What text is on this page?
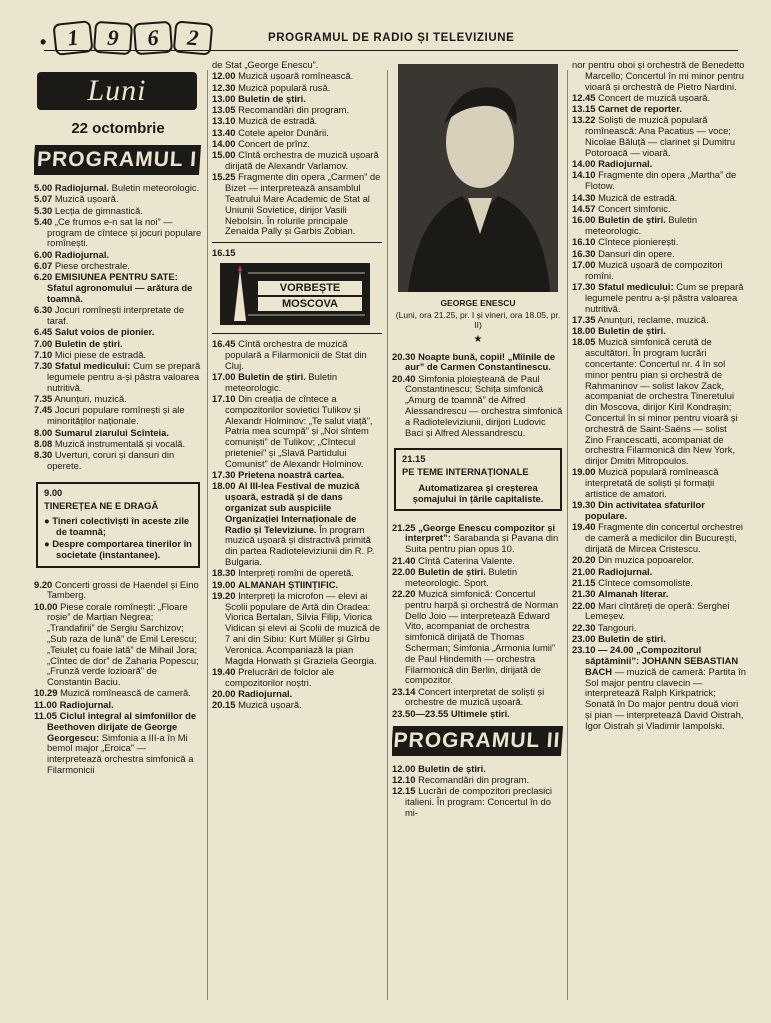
• 1	9	6	2	PROGRAMUL DE RADIO ȘI TELEVIZIUNE
Luni
22 octombrie
PROGRAMUL I
5.00 Radiojurnal. Buletin meteorologic.
5.07 Muzică ușoară.
5.30 Lecția de gimnastică.
5.40 „Ce frumos e-n sat la noi” — program de cîntece și jocuri populare romînești.
6.00 Radiojurnal.
6.07 Piese orchestrale.
6.20 EMISIUNEA PENTRU SATE: Sfatul agronomului — arătura de toamnă.
6.30 Jocuri romînești interpretate de taraf.
6.45 Salut voios de pionier.
7.00 Buletin de știri.
7.10 Mici piese de estradă.
7.30 Sfatul medicului: Cum se prepară legumele pentru a-și păstra valoarea nutritivă.
7.35 Anunțuri, muzică.
7.45 Jocuri populare romînești și ale minorităților naționale.
8.00 Sumarul ziarului Scînteia.
8.08 Muzică instrumentală și vocală.
8.30 Uverturi, coruri și dansuri din operete.
9.00
TINEREȚEA NE E DRAGĂ
● Tineri colectiviști în aceste zile de toamnă;
● Despre comportarea tinerilor în societate (instantanee).
9.20 Concerti grossi de Haendel și Eino Tamberg.
10.00 Piese corale romînești: „Floare roșie” de Marțian Negrea; „Trandafirii” de Sergiu Sarchizov; „Sub raza de lună” de Emil Lerescu; „Teiuleț cu foaie lată” de Mihail Jora; „Cîntec de dor” de Zaharia Popescu; „Frunză verde lozioară” de Constantin Baciu.
10.29 Muzică romînească de cameră.
11.00 Radiojurnal.
11.05 Ciclul integral al simfoniilor de Beethoven dirijate de George Georgescu: Simfonia a III-a în Mi bemol major „Eroica” — interpretează orchestra simfonică a Filarmonicii
de Stat „George Enescu”.
12.00 Muzică ușoară romînească.
12.30 Muzică populară rusă.
13.00 Buletin de știri.
13.05 Recomandări din program.
13.10 Muzică de estradă.
13.40 Cotele apelor Dunării.
14.00 Concert de prînz.
15.00 Cîntă orchestra de muzică ușoară dirijată de Alexandr Varlamov.
15.25 Fragmente din opera „Carmen” de Bizet — interpretează ansamblul Teatrului Mare Academic de Stat al Uniunii Sovietice, dirijor Vasili Nebolsin. În rolurile principale Zenaida Pally și Garbis Zobian.
16.15
VORBEȘTE
MOSCOVA
16.45 Cîntă orchestra de muzică populară a Filarmonicii de Stat din Cluj.
17.00 Buletin de știri. Buletin meteorologic.
17.10 Din creația de cîntece a compozitorilor sovietici Tulikov și Alexandr Holminov: „Te salut viață”, Patria mea scumpă” și „Noi sîntem comuniști” de Tulikov; „Cîntecul prieteniei” și „Slavă Partidului Comunist” de Alexandr Holminov.
17.30 Prietena noastră cartea.
18.00 Al III-lea Festival de muzică ușoară, estradă și de dans organizat sub auspiciile Organizației Internaționale de Radio și Televiziune. În program muzică ușoară și distractivă primită din partea Radioteleviziunii din R. P. Bulgaria.
18.30 Interpreți romîni de operetă.
19.00 ALMANAH ȘTIINȚIFIC.
19.20 Interpreți la microfon — elevi ai Școlii populare de Artă din Oradea: Viorica Bertalan, Silvia Filip, Viorica Vidican și elevi ai Școlii de muzică de 7 ani din Sibiu: Kurt Müller și Gîrbu Veronica. Acompaniază la pian Magda Horwath și Graziela Georgia.
19.40 Prelucrări de folclor ale compozitorilor noștri.
20.00 Radiojurnal.
20.15 Muzică ușoară.
GEORGE ENESCU
(Luni, ora 21.25, pr. I și vineri, ora 18.05, pr. II)
★
20.30 Noapte bună, copii! „Mîinile de aur” de Carmen Constantinescu.
20.40 Simfonia ploieșteană de Paul Constantinescu; Schița simfonică „Amurg de toamnă” de Alfred Alessandrescu — orchestra simfonică a Radioteleviziunii, dirijori Ludovic Baci și Alfred Alessandrescu.
21.15
PE TEME INTERNAȚIONALE
Automatizarea și creșterea șomajului în țările capitaliste.
21.25 „George Enescu compozitor și interpret”: Sarabanda și Pavana din Suita pentru pian opus 10.
21.40 Cîntă Caterina Valente.
22.00 Buletin de știri. Buletin meteorologic. Sport.
22.20 Muzică simfonică: Concertul pentru harpă și orchestră de Norman Dello Joio — interpretează Edward Vito, acompaniat de orchestra simfonică dirijată de Thomas Scherman; Simfonia „Armonia lumii” de Paul Hindemith — orchestra Filarmonică din Berlin, dirijată de compozitor.
23.14 Concert interpretat de soliști și orchestre de muzică ușoară.
23.50—23.55 Ultimele știri.
PROGRAMUL II
12.00 Buletin de știri.
12.10 Recomandări din program.
12.15 Lucrări de compozitori preclasici italieni. În program: Concertul în do mi-
nor pentru oboi și orchestră de Benedetto Marcello; Concertul în mi minor pentru vioară și orchestră de Pietro Nardini.
12.45 Concert de muzică ușoară.
13.15 Carnet de reporter.
13.22 Soliști de muzică populară romînească: Ana Pacatius — voce; Nicolae Băluță — clarinet și Dumitru Potoroacă — vioară.
14.00 Radiojurnal.
14.10 Fragmente din opera „Martha” de Flotow.
14.30 Muzică de estradă.
14.57 Concert simfonic.
16.00 Buletin de știri. Buletin meteorologic.
16.10 Cîntece pionierești.
16.30 Dansuri din opere.
17.00 Muzică ușoară de compozitori romîni.
17.30 Sfatul medicului: Cum se prepară legumele pentru a-și păstra valoarea nutritivă.
17.35 Anunțuri, reclame, muzică.
18.00 Buletin de știri.
18.05 Muzică simfonică cerută de ascultători. În program lucrări concertante: Concertul nr. 4 în sol minor pentru pian și orchestră de Rahmaninov — solist Iakov Zack, acompaniat de orchestra Tineretului din Moscova, dirijor Kiril Kondrașin; Concertul în si minor pentru vioară și orchestră de Saint-Saëns — solist Zino Francescatti, acompaniat de orchestra Filarmonică din New York, dirijor Dmitri Mitropoulos.
19.00 Muzică populară romînească interpretată de soliști și formații artistice de amatori.
19.30 Din activitatea sfaturilor populare.
19.40 Fragmente din concertul orchestrei de cameră a medicilor din București, dirijată de Mircea Cristescu.
20.20 Din muzica popoarelor.
21.00 Radiojurnal.
21.15 Cîntece comsomoliste.
21.30 Almanah literar.
22.00 Mari cîntăreți de operă: Serghei Lemeșev.
22.30 Tangouri.
23.00 Buletin de știri.
23.10 — 24.00 „Compozitorul săptămînii”: JOHANN SEBASTIAN BACH — muzică de cameră: Partita în Sol major pentru clavecin — interpretează Ralph Kirkpatrick; Sonată în Do major pentru două viori și pian — interpretează David Oistrah, Igor Oistrah și Vladimir Iampolski.
